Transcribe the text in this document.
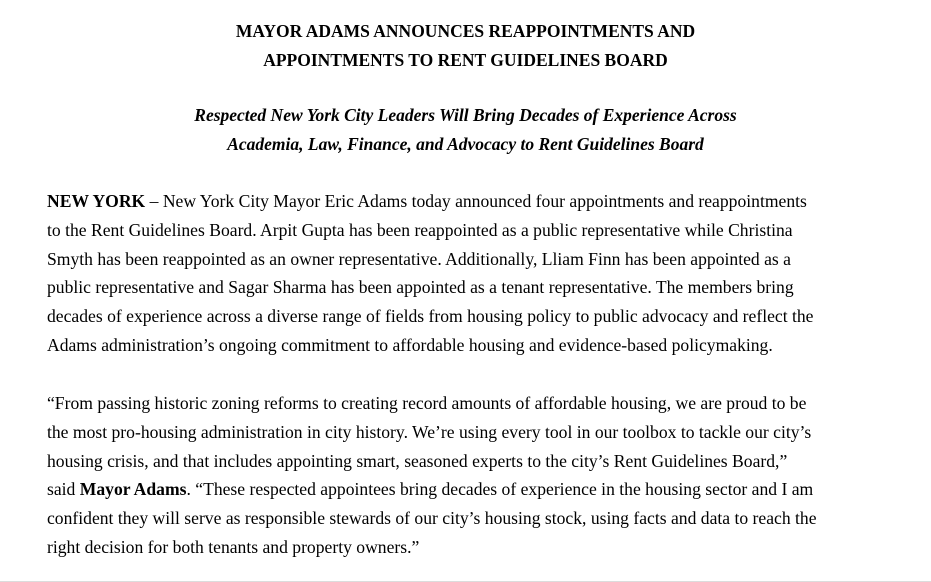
MAYOR ADAMS ANNOUNCES REAPPOINTMENTS AND
APPOINTMENTS TO RENT GUIDELINES BOARD
Respected New York City Leaders Will Bring Decades of Experience Across
Academia, Law, Finance, and Advocacy to Rent Guidelines Board

NEW YORK – New York City Mayor Eric Adams today announced four appointments and reappointments
to the Rent Guidelines Board. Arpit Gupta has been reappointed as a public representative while Christina
Smyth has been reappointed as an owner representative. Additionally, Lliam Finn has been appointed as a
public representative and Sagar Sharma has been appointed as a tenant representative. The members bring
decades of experience across a diverse range of fields from housing policy to public advocacy and reflect the
Adams administration’s ongoing commitment to affordable housing and evidence-based policymaking.

“From passing historic zoning reforms to creating record amounts of affordable housing, we are proud to be
the most pro-housing administration in city history. We’re using every tool in our toolbox to tackle our city’s
housing crisis, and that includes appointing smart, seasoned experts to the city’s Rent Guidelines Board,”
said Mayor Adams. “These respected appointees bring decades of experience in the housing sector and I am
confident they will serve as responsible stewards of our city’s housing stock, using facts and data to reach the
right decision for both tenants and property owners.”
